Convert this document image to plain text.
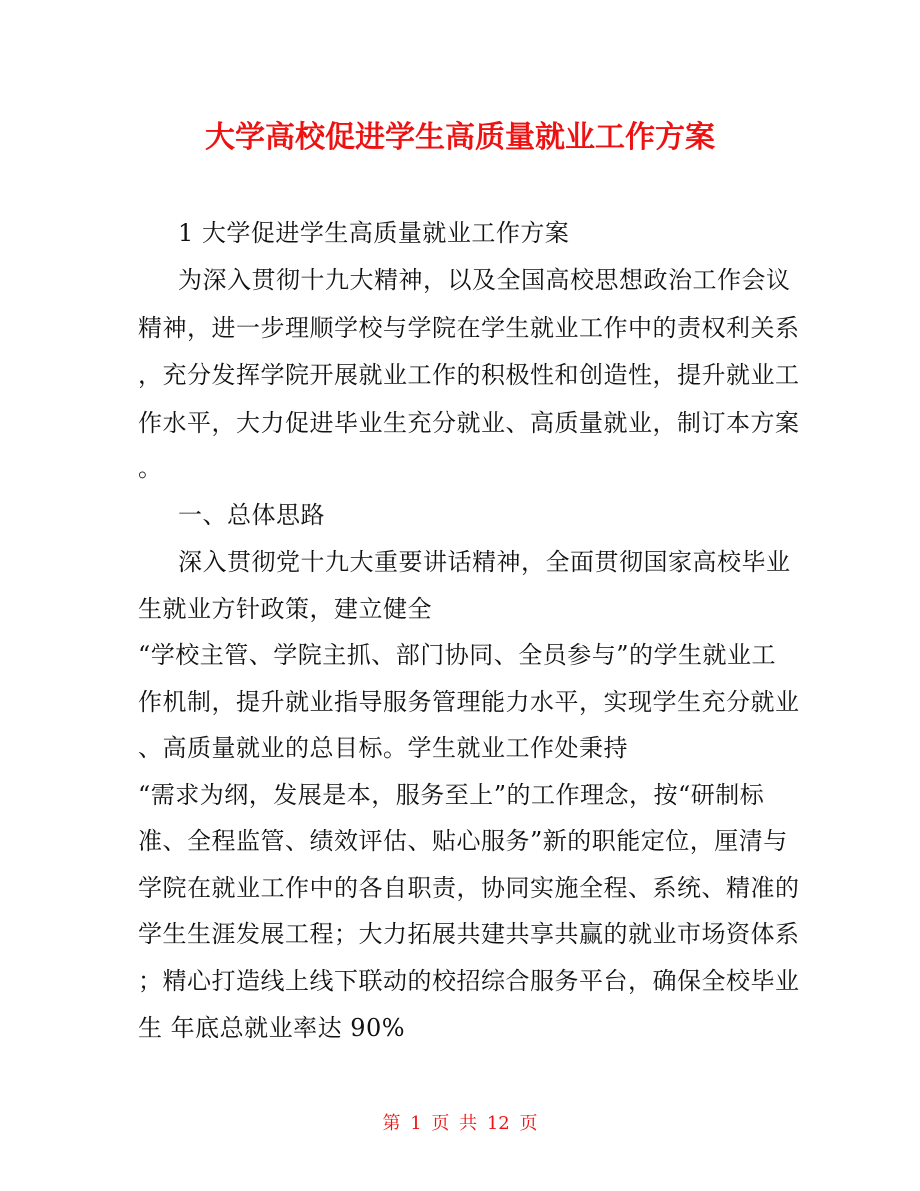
大学高校促进学生高质量就业工作方案
1 大学促进学生高质量就业工作方案
为深入贯彻十九大精神，以及全国高校思想政治工作会议
精神，进一步理顺学校与学院在学生就业工作中的责权利关系
，充分发挥学院开展就业工作的积极性和创造性，提升就业工
作水平，大力促进毕业生充分就业、高质量就业，制订本方案
。
一、总体思路
深入贯彻党十九大重要讲话精神，全面贯彻国家高校毕业
生就业方针政策，建立健全
“学校主管、学院主抓、部门协同、全员参与”的学生就业工
作机制，提升就业指导服务管理能力水平，实现学生充分就业
、高质量就业的总目标。学生就业工作处秉持
“需求为纲，发展是本，服务至上”的工作理念，按“研制标
准、全程监管、绩效评估、贴心服务”新的职能定位，厘清与
学院在就业工作中的各自职责，协同实施全程、系统、精准的
学生生涯发展工程；大力拓展共建共享共赢的就业市场资体系
；精心打造线上线下联动的校招综合服务平台，确保全校毕业
生 年底总就业率达 90%
第 1 页 共 12 页
